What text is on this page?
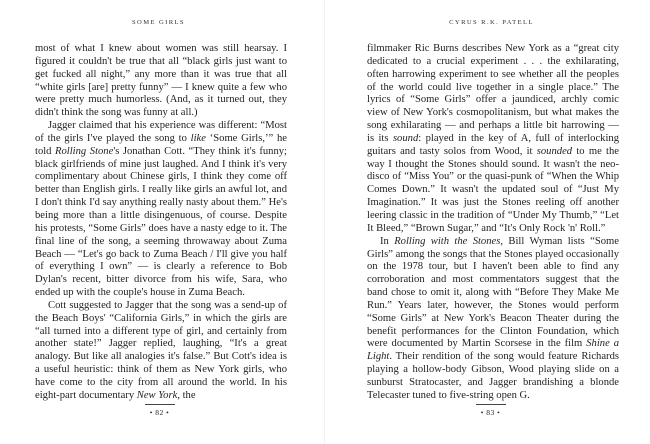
SOME GIRLS

most of what I knew about women was still hearsay. I figured it couldn't be true that all “black girls just want to get fucked all night,” any more than it was true that all “white girls [are] pretty funny” — I knew quite a few who were pretty much humorless. (And, as it turned out, they didn't think the song was funny at all.)

Jagger claimed that his experience was different: “Most of the girls I've played the song to like ‘Some Girls,’” he told Rolling Stone's Jonathan Cott. “They think it's funny; black girlfriends of mine just laughed. And I think it's very complimentary about Chinese girls, I think they come off better than English girls. I really like girls an awful lot, and I don't think I'd say anything really nasty about them.” He's being more than a little disingenuous, of course. Despite his protests, “Some Girls” does have a nasty edge to it. The final line of the song, a seeming throwaway about Zuma Beach — “Let's go back to Zuma Beach / I'll give you half of everything I own” — is clearly a reference to Bob Dylan's recent, bitter divorce from his wife, Sara, who ended up with the couple's house in Zuma Beach.

Cott suggested to Jagger that the song was a send-up of the Beach Boys' “California Girls,” in which the girls are “all turned into a different type of girl, and certainly from another state!” Jagger replied, laughing, “It's a great analogy. But like all analogies it's false.” But Cott's idea is a useful heuristic: think of them as New York girls, who have come to the city from all around the world. In his eight-part documentary New York, the

• 82 •
CYRUS R.K. PATELL

filmmaker Ric Burns describes New York as a “great city dedicated to a crucial experiment . . . the exhilarating, often harrowing experiment to see whether all the peoples of the world could live together in a single place.” The lyrics of “Some Girls” offer a jaundiced, archly comic view of New York's cosmopolitanism, but what makes the song exhilarating — and perhaps a little bit harrowing — is its sound: played in the key of A, full of interlocking guitars and tasty solos from Wood, it sounded to me the way I thought the Stones should sound. It wasn't the neo-disco of “Miss You” or the quasi-punk of “When the Whip Comes Down.” It wasn't the updated soul of “Just My Imagination.” It was just the Stones reeling off another leering classic in the tradition of “Under My Thumb,” “Let It Bleed,” “Brown Sugar,” and “It's Only Rock 'n' Roll.”

In Rolling with the Stones, Bill Wyman lists “Some Girls” among the songs that the Stones played occasionally on the 1978 tour, but I haven't been able to find any corroboration and most commentators suggest that the band chose to omit it, along with “Before They Make Me Run.” Years later, however, the Stones would perform “Some Girls” at New York's Beacon Theater during the benefit performances for the Clinton Foundation, which were documented by Martin Scorsese in the film Shine a Light. Their rendition of the song would feature Richards playing a hollow-body Gibson, Wood playing slide on a sunburst Stratocaster, and Jagger brandishing a blonde Telecaster tuned to five-string open G.

• 83 •
